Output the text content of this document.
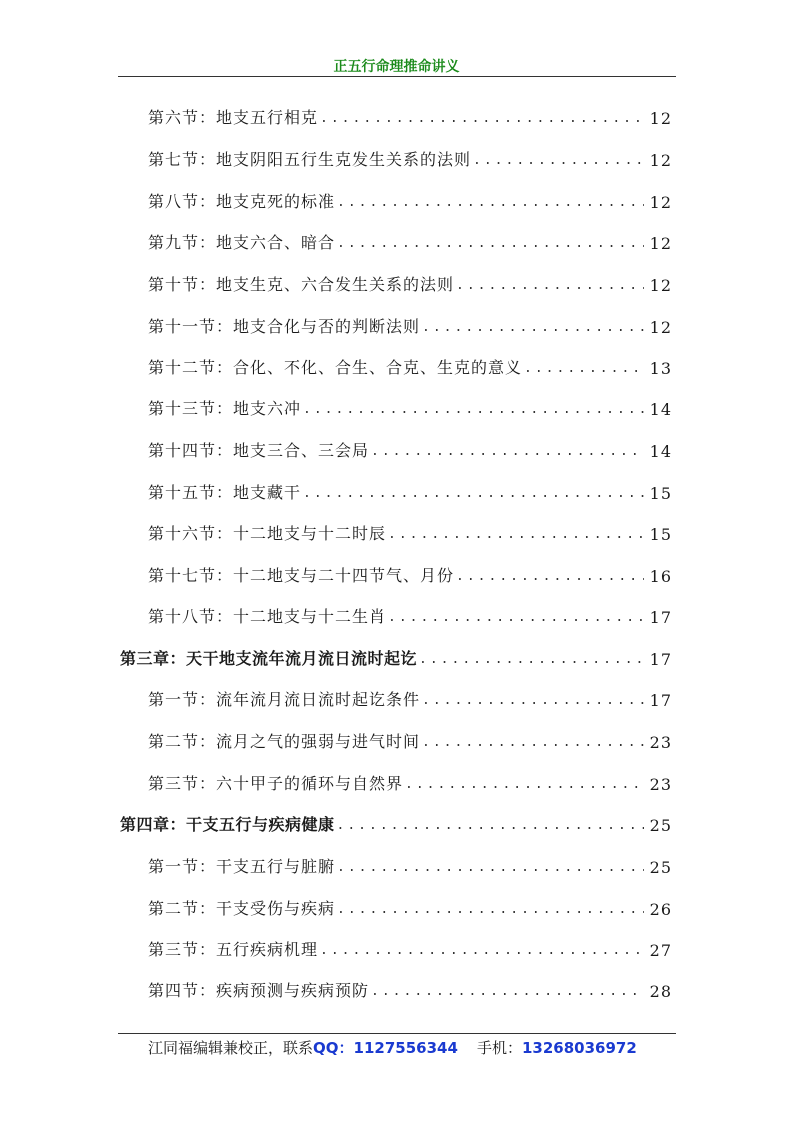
正五行命理推命讲义
第六节：地支五行相克 .....	12
第七节：地支阴阳五行生克发生关系的法则 .....	12
第八节：地支克死的标准 .....	12
第九节：地支六合、暗合 .....	12
第十节：地支生克、六合发生关系的法则 .....	12
第十一节：地支合化与否的判断法则 .....	12
第十二节：合化、不化、合生、合克、生克的意义 .....	13
第十三节：地支六冲 .....	14
第十四节：地支三合、三会局 .....	14
第十五节：地支藏干 .....	15
第十六节：十二地支与十二时辰 .....	15
第十七节：十二地支与二十四节气、月份 .....	16
第十八节：十二地支与十二生肖 .....	17
第三章：天干地支流年流月流日流时起讫 .....	17
第一节：流年流月流日流时起讫条件 .....	17
第二节：流月之气的强弱与进气时间 .....	23
第三节：六十甲子的循环与自然界 .....	23
第四章：干支五行与疾病健康 .....	25
第一节：干支五行与脏腑 .....	25
第二节：干支受伤与疾病 .....	26
第三节：五行疾病机理 .....	27
第四节：疾病预测与疾病预防 .....	28
江同福编辑兼校正，联系QQ：1127556344 手机：13268036972
